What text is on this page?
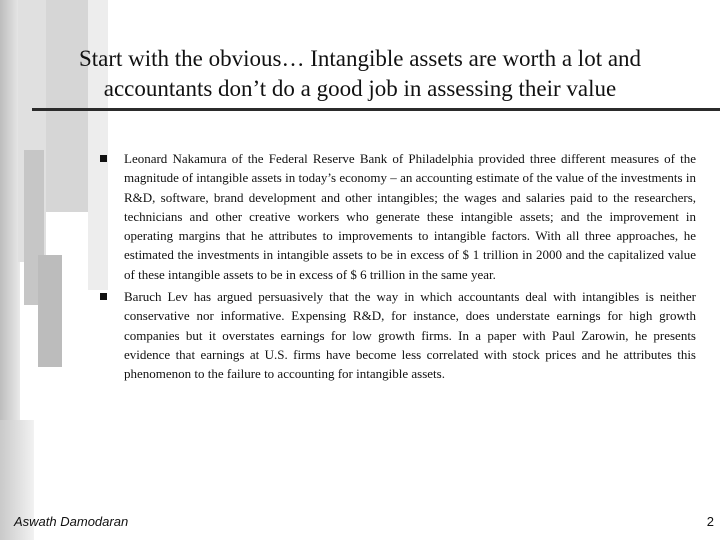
Start with the obvious… Intangible assets are worth a lot and
accountants don’t do a good job in assessing their value
Leonard Nakamura of the Federal Reserve Bank of Philadelphia provided three different measures of the magnitude of intangible assets in today’s economy – an accounting estimate of the value of the investments in R&D, software, brand development and other intangibles; the wages and salaries paid to the researchers, technicians and other creative workers who generate these intangible assets; and the improvement in operating margins that he attributes to improvements to intangible factors. With all three approaches, he estimated the investments in intangible assets to be in excess of $ 1 trillion in 2000 and the capitalized value of these intangible assets to be in excess of $ 6 trillion in the same year.
Baruch Lev has argued persuasively that the way in which accountants deal with intangibles is neither conservative nor informative. Expensing R&D, for instance, does understate earnings for high growth companies but it overstates earnings for low growth firms. In a paper with Paul Zarowin, he presents evidence that earnings at U.S. firms have become less correlated with stock prices and he attributes this phenomenon to the failure to accounting for intangible assets.
Aswath Damodaran	2
